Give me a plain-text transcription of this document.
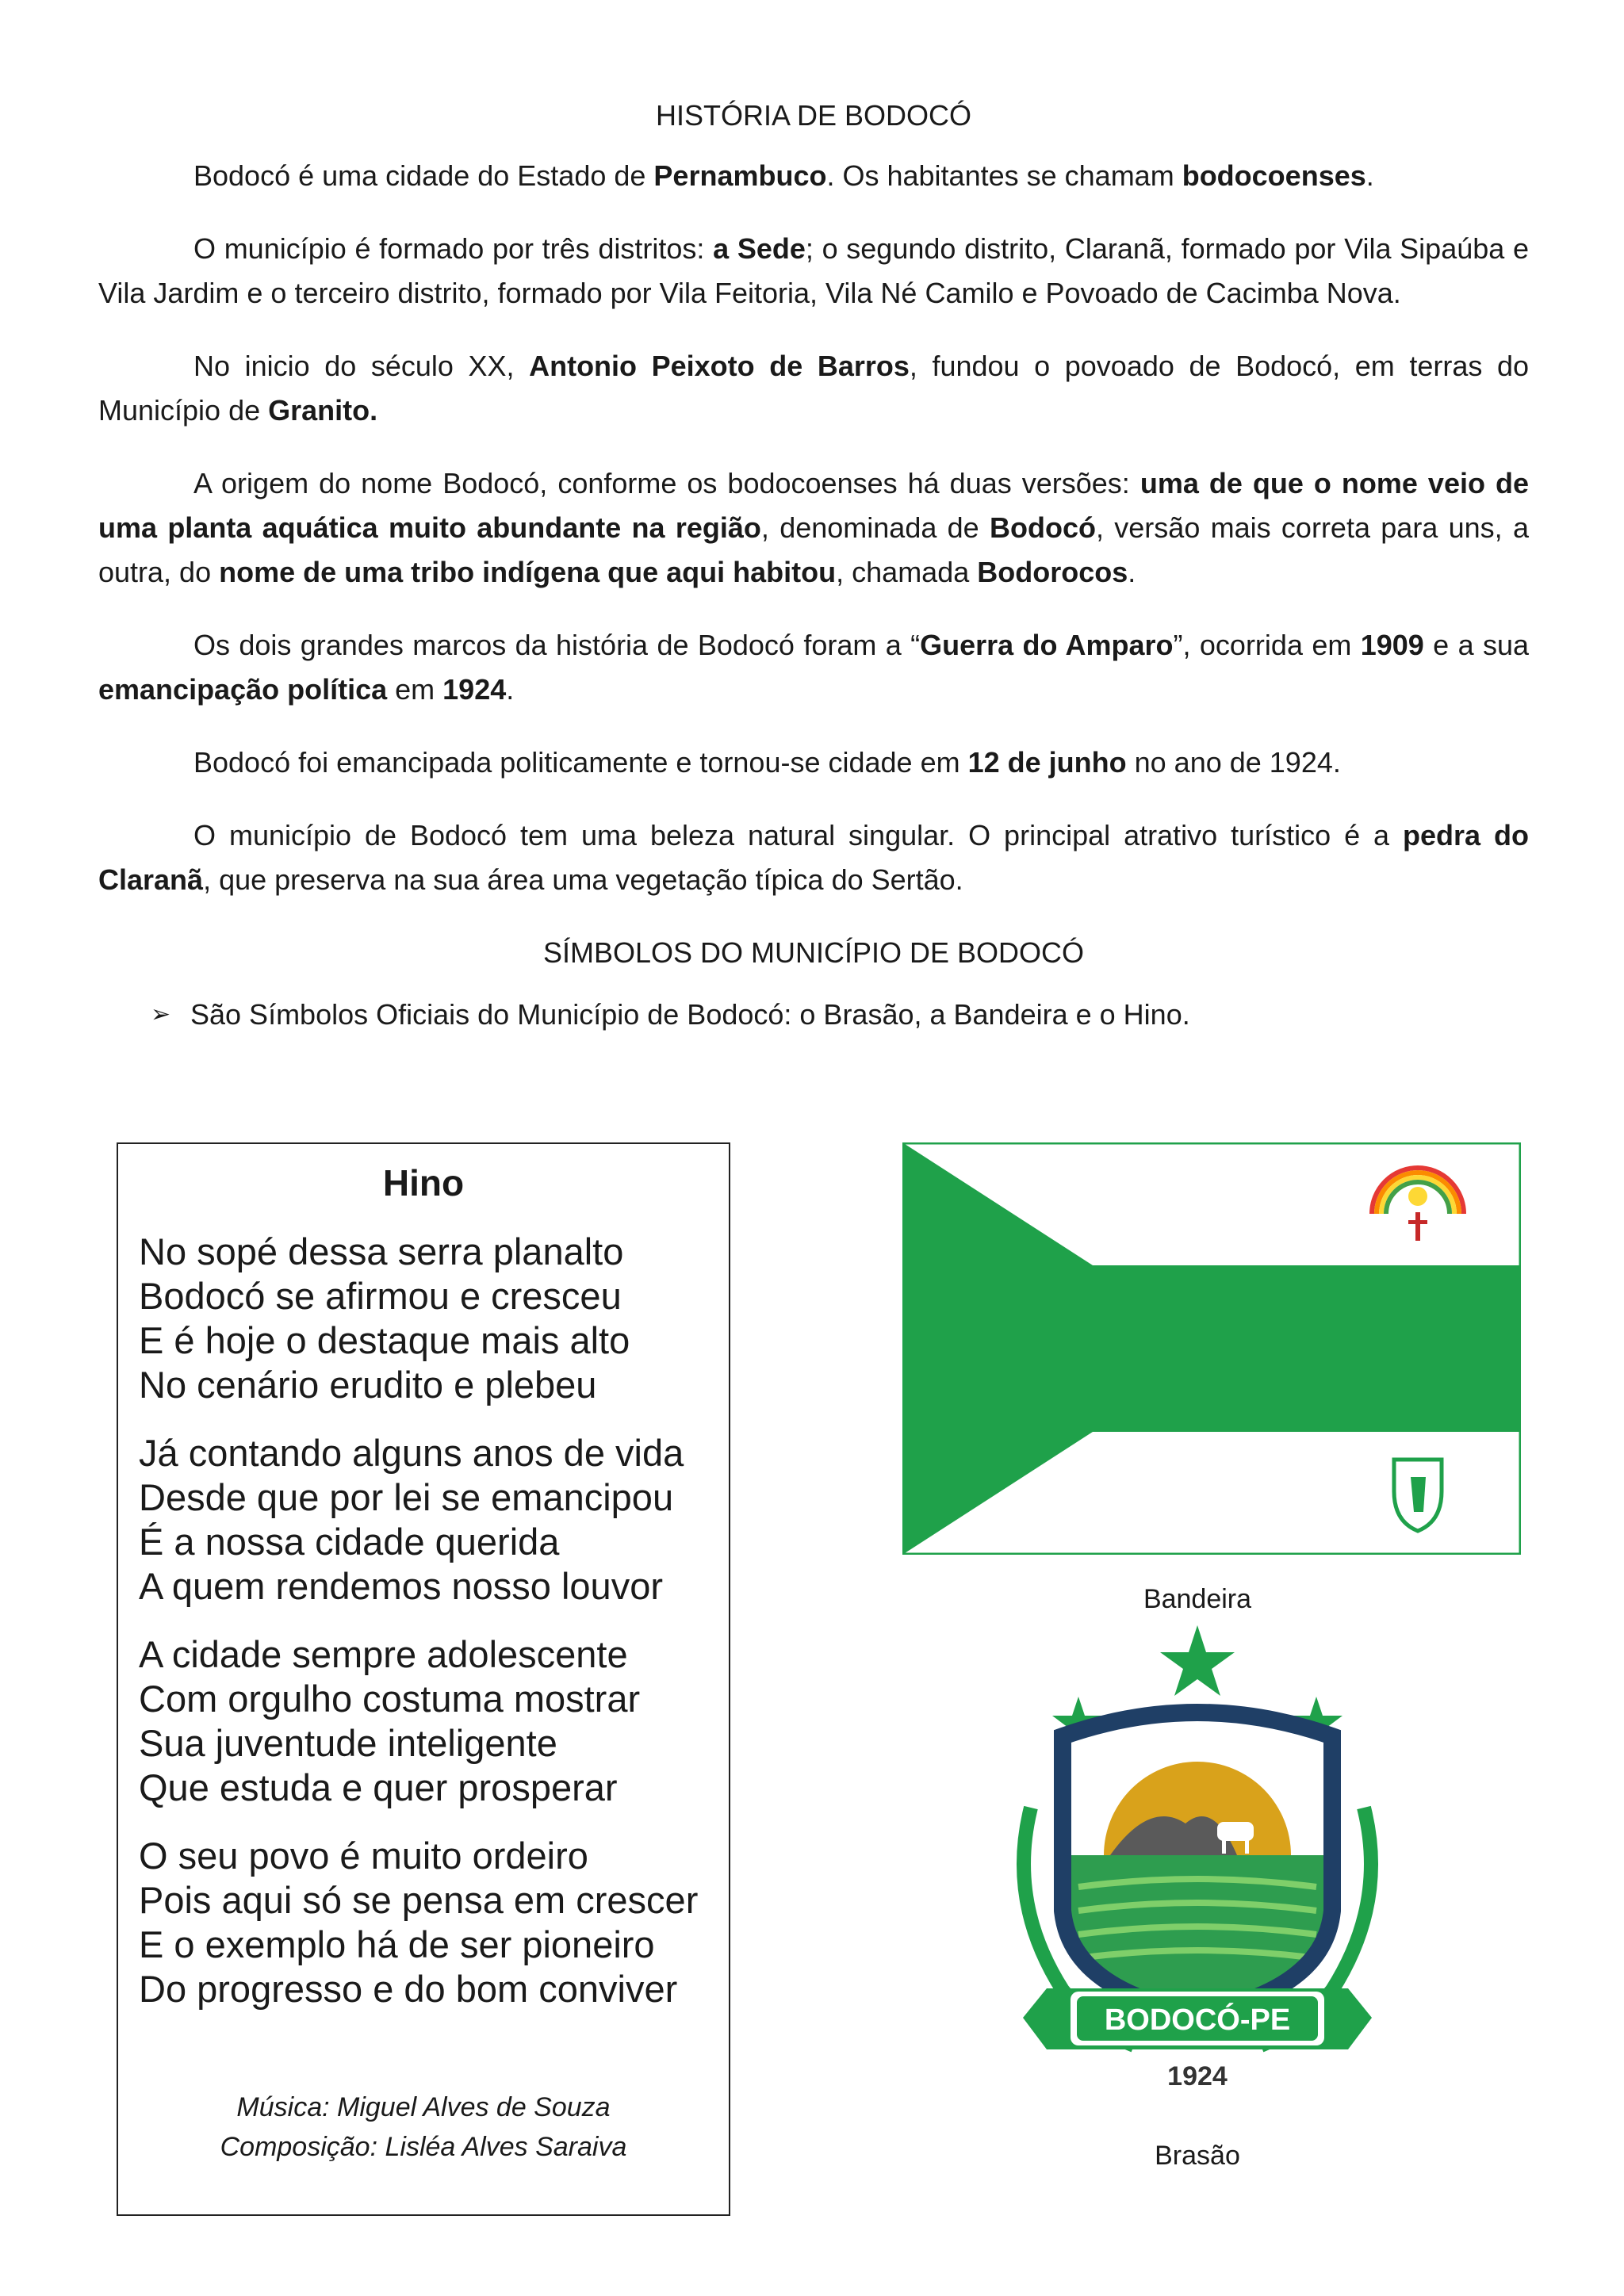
HISTÓRIA DE BODOCÓ

Bodocó é uma cidade do Estado de Pernambuco. Os habitantes se chamam bodocoenses.

O município é formado por três distritos: a Sede; o segundo distrito, Claranã, formado por Vila Sipaúba e Vila Jardim e o terceiro distrito, formado por Vila Feitoria, Vila Né Camilo e Povoado de Cacimba Nova.

No inicio do século XX, Antonio Peixoto de Barros, fundou o povoado de Bodocó, em terras do Município de Granito.

A origem do nome Bodocó, conforme os bodocoenses há duas versões: uma de que o nome veio de uma planta aquática muito abundante na região, denominada de Bodocó, versão mais correta para uns, a outra, do nome de uma tribo indígena que aqui habitou, chamada Bodorocos.

Os dois grandes marcos da história de Bodocó foram a “Guerra do Amparo”, ocorrida em 1909 e a sua emancipação política em 1924.

Bodocó foi emancipada politicamente e tornou-se cidade em 12 de junho no ano de 1924.

O município de Bodocó tem uma beleza natural singular. O principal atrativo turístico é a pedra do Claranã, que preserva na sua área uma vegetação típica do Sertão.

SÍMBOLOS DO MUNICÍPIO DE BODOCÓ
➢ São Símbolos Oficiais do Município de Bodocó: o Brasão, a Bandeira e o Hino.
Hino
No sopé dessa serra planalto
Bodocó se afirmou e cresceu
E é hoje o destaque mais alto
No cenário erudito e plebeu
Já contando alguns anos de vida
Desde que por lei se emancipou
É a nossa cidade querida
A quem rendemos nosso louvor
A cidade sempre adolescente
Com orgulho costuma mostrar
Sua juventude inteligente
Que estuda e quer prosperar
O seu povo é muito ordeiro
Pois aqui só se pensa em crescer
E o exemplo há de ser pioneiro
Do progresso e do bom conviver
Música: Miguel Alves de Souza
Composição: Lisléa Alves Saraiva
Bandeira
BODOCÓ-PE
1924
Brasão
